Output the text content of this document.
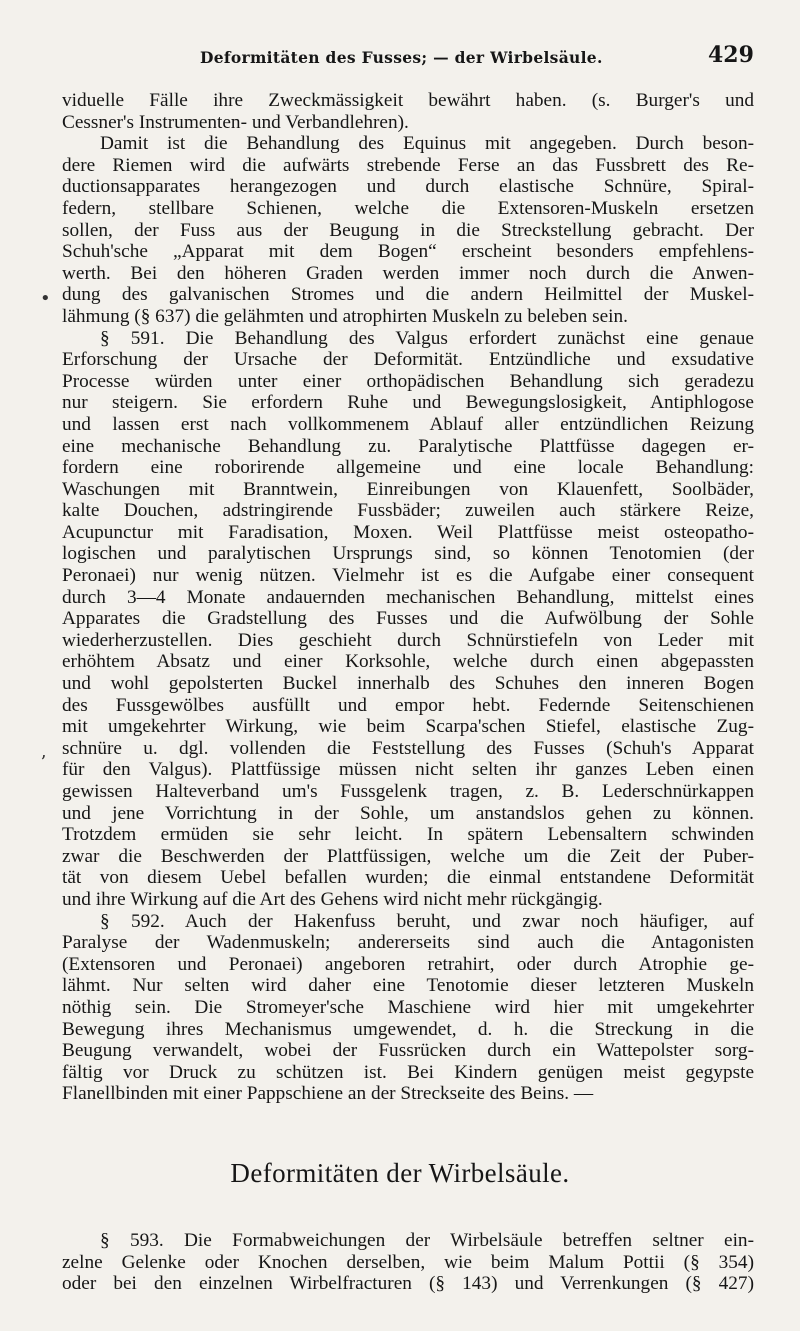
Deformitäten des Fusses; — der Wirbelsäule.	429
viduelle Fälle ihre Zweckmässigkeit bewährt haben. (s. Burger's und
Cessner's Instrumenten- und Verbandlehren).
Damit ist die Behandlung des Equinus mit angegeben. Durch beson-
dere Riemen wird die aufwärts strebende Ferse an das Fussbrett des Re-
ductionsapparates herangezogen und durch elastische Schnüre, Spiral-
federn, stellbare Schienen, welche die Extensoren-Muskeln ersetzen
sollen, der Fuss aus der Beugung in die Streckstellung gebracht. Der
Schuh'sche „Apparat mit dem Bogen“ erscheint besonders empfehlens-
werth. Bei den höheren Graden werden immer noch durch die Anwen-
dung des galvanischen Stromes und die andern Heilmittel der Muskel-
lähmung (§ 637) die gelähmten und atrophirten Muskeln zu beleben sein.
§ 591. Die Behandlung des Valgus erfordert zunächst eine genaue
Erforschung der Ursache der Deformität. Entzündliche und exsudative
Processe würden unter einer orthopädischen Behandlung sich geradezu
nur steigern. Sie erfordern Ruhe und Bewegungslosigkeit, Antiphlogose
und lassen erst nach vollkommenem Ablauf aller entzündlichen Reizung
eine mechanische Behandlung zu. Paralytische Plattfüsse dagegen er-
fordern eine roborirende allgemeine und eine locale Behandlung:
Waschungen mit Branntwein, Einreibungen von Klauenfett, Soolbäder,
kalte Douchen, adstringirende Fussbäder; zuweilen auch stärkere Reize,
Acupunctur mit Faradisation, Moxen. Weil Plattfüsse meist osteopatho-
logischen und paralytischen Ursprungs sind, so können Tenotomien (der
Peronaei) nur wenig nützen. Vielmehr ist es die Aufgabe einer consequent
durch 3—4 Monate andauernden mechanischen Behandlung, mittelst eines
Apparates die Gradstellung des Fusses und die Aufwölbung der Sohle
wiederherzustellen. Dies geschieht durch Schnürstiefeln von Leder mit
erhöhtem Absatz und einer Korksohle, welche durch einen abgepassten
und wohl gepolsterten Buckel innerhalb des Schuhes den inneren Bogen
des Fussgewölbes ausfüllt und empor hebt. Federnde Seitenschienen
mit umgekehrter Wirkung, wie beim Scarpa'schen Stiefel, elastische Zug-
schnüre u. dgl. vollenden die Feststellung des Fusses (Schuh's Apparat
für den Valgus). Plattfüssige müssen nicht selten ihr ganzes Leben einen
gewissen Halteverband um's Fussgelenk tragen, z. B. Lederschnürkappen
und jene Vorrichtung in der Sohle, um anstandslos gehen zu können.
Trotzdem ermüden sie sehr leicht. In spätern Lebensaltern schwinden
zwar die Beschwerden der Plattfüssigen, welche um die Zeit der Puber-
tät von diesem Uebel befallen wurden; die einmal entstandene Deformität
und ihre Wirkung auf die Art des Gehens wird nicht mehr rückgängig.
§ 592. Auch der Hakenfuss beruht, und zwar noch häufiger, auf
Paralyse der Wadenmuskeln; andererseits sind auch die Antagonisten
(Extensoren und Peronaei) angeboren retrahirt, oder durch Atrophie ge-
lähmt. Nur selten wird daher eine Tenotomie dieser letzteren Muskeln
nöthig sein. Die Stromeyer'sche Maschiene wird hier mit umgekehrter
Bewegung ihres Mechanismus umgewendet, d. h. die Streckung in die
Beugung verwandelt, wobei der Fussrücken durch ein Wattepolster sorg-
fältig vor Druck zu schützen ist. Bei Kindern genügen meist gegypste
Flanellbinden mit einer Pappschiene an der Streckseite des Beins. —
Deformitäten der Wirbelsäule.
§ 593. Die Formabweichungen der Wirbelsäule betreffen seltner ein-
zelne Gelenke oder Knochen derselben, wie beim Malum Pottii (§ 354)
oder bei den einzelnen Wirbelfracturen (§ 143) und Verrenkungen (§ 427)
•
ʼ
